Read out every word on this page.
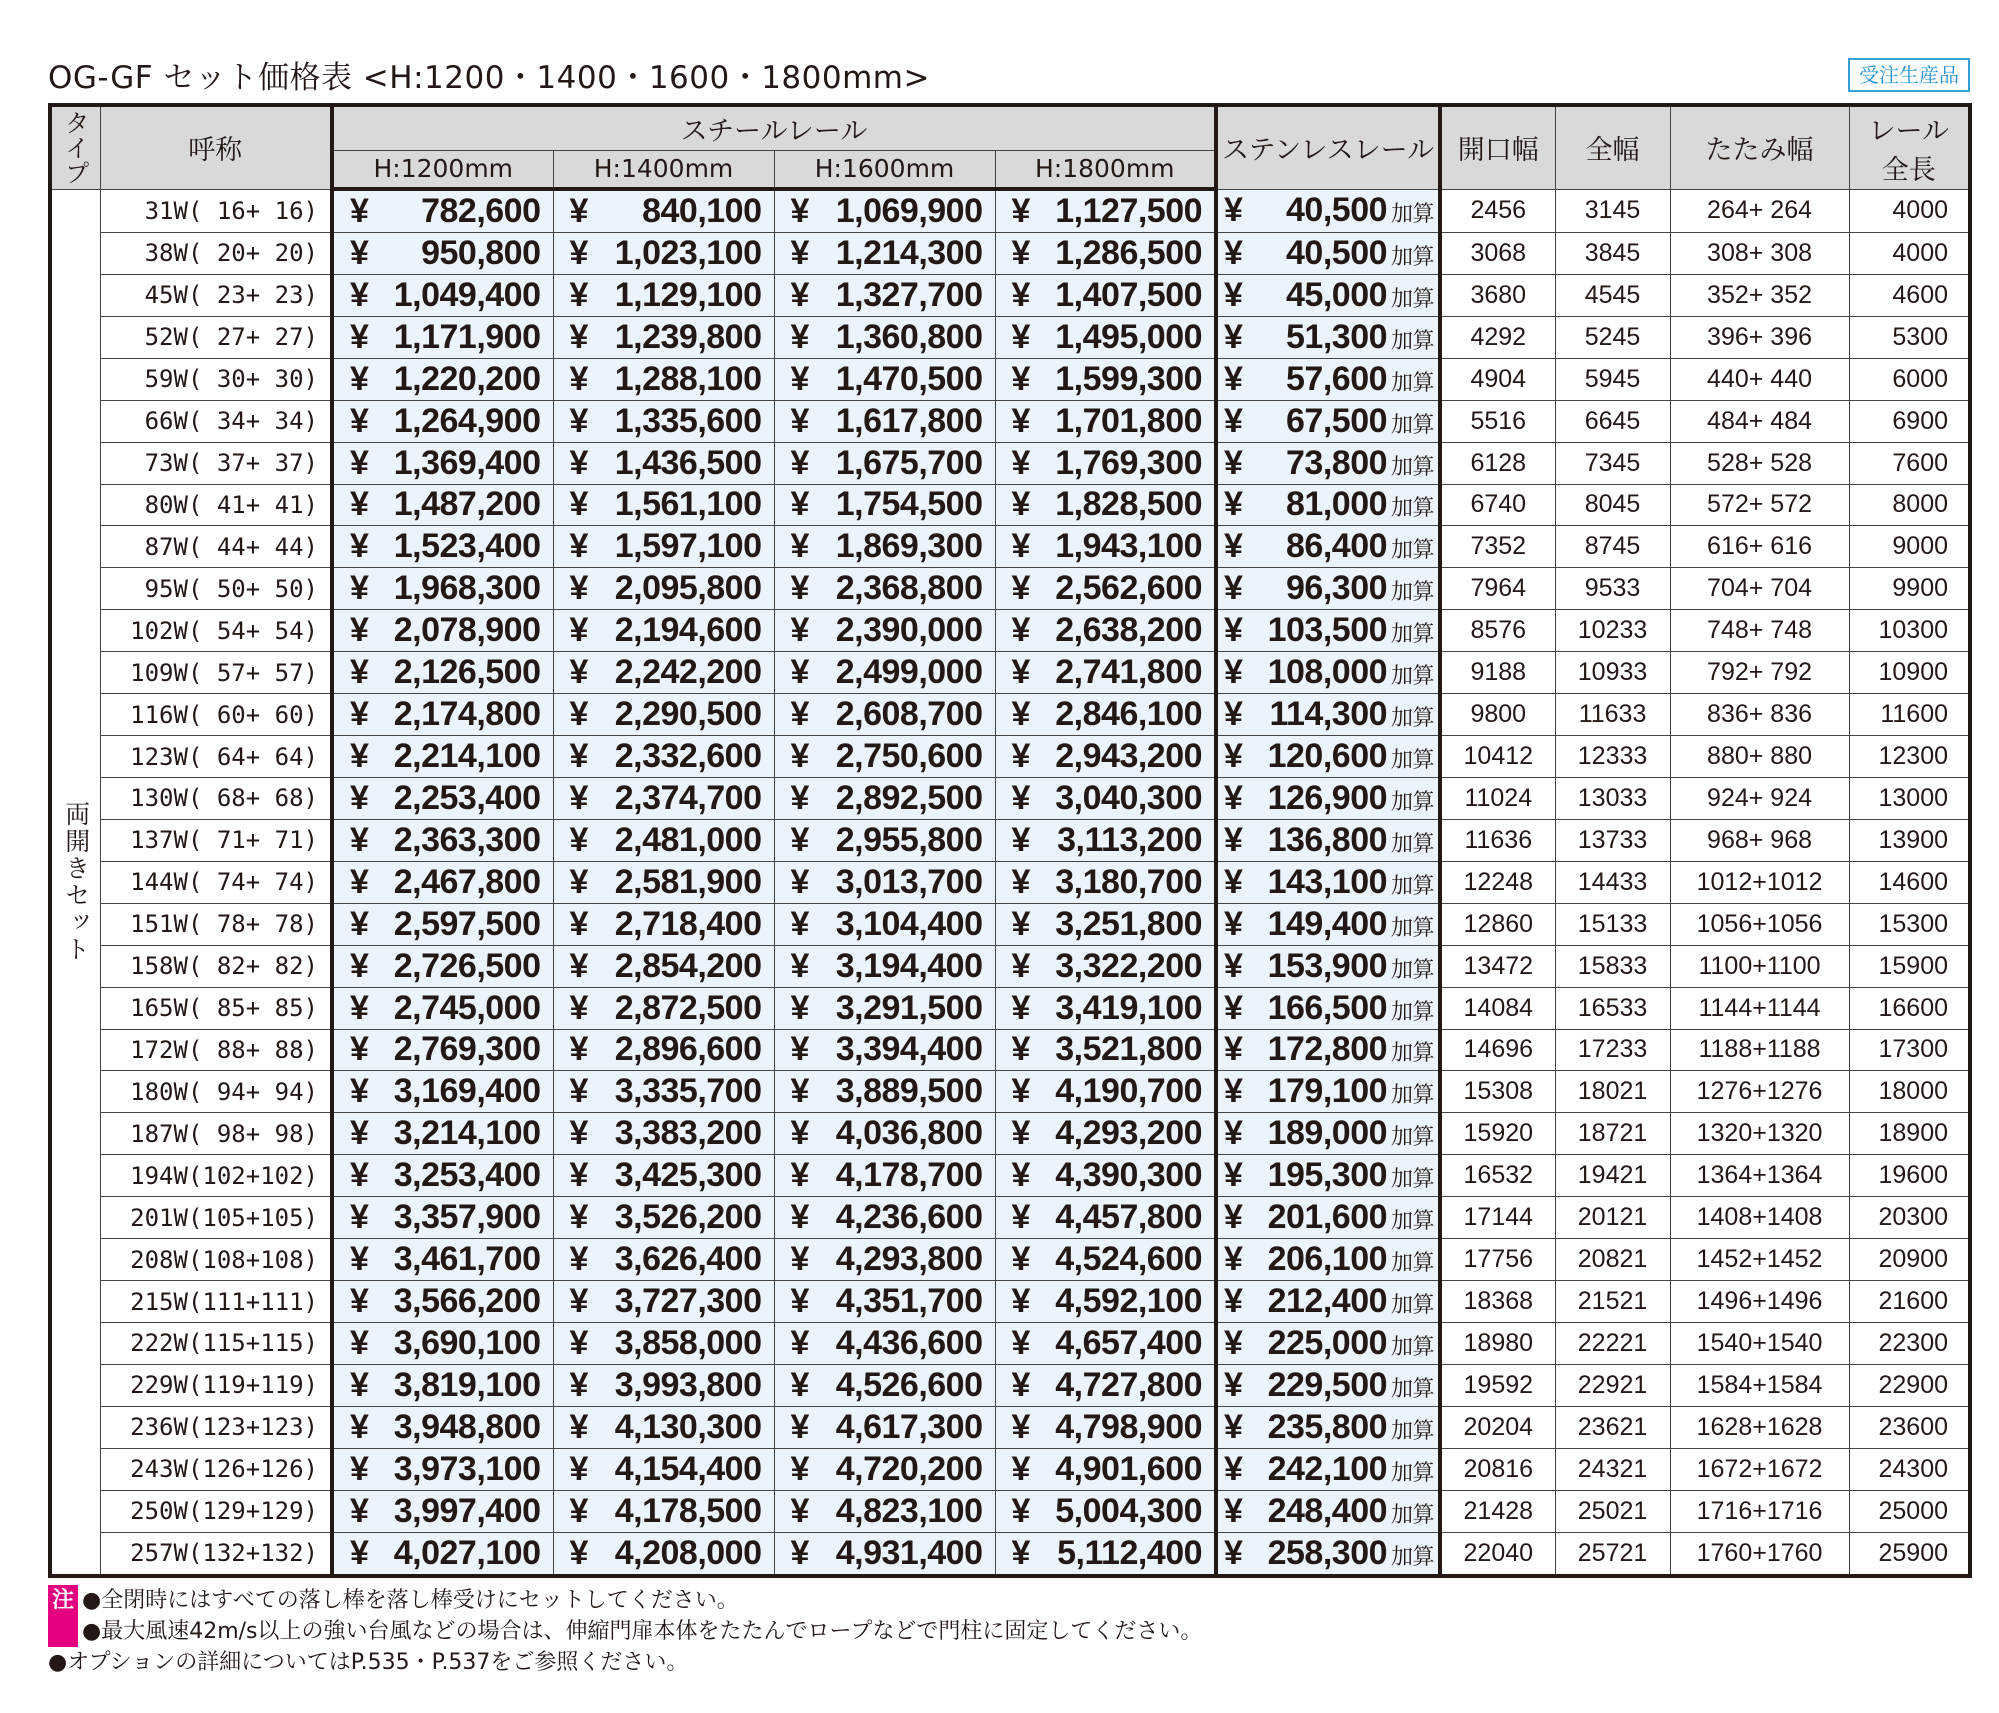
OG-GF セット価格表 <H:1200・1400・1600・1800mm>	受注生産品
タイプ	呼称	スチールレール				ステンレスレール	開口幅	全幅	たたみ幅	レール
全長

		H:1200mm	H:1400mm	H:1600mm	H:1800mm					

両開きセット	31W( 16+ 16)	¥ 782,600	¥ 840,100	¥ 1,069,900	¥ 1,127,500	¥ 40,500 加算	2456	3145	264+ 264	4000
	38W( 20+ 20)	¥ 950,800	¥ 1,023,100	¥ 1,214,300	¥ 1,286,500	¥ 40,500 加算	3068	3845	308+ 308	4000
	45W( 23+ 23)	¥ 1,049,400	¥ 1,129,100	¥ 1,327,700	¥ 1,407,500	¥ 45,000 加算	3680	4545	352+ 352	4600
	52W( 27+ 27)	¥ 1,171,900	¥ 1,239,800	¥ 1,360,800	¥ 1,495,000	¥ 51,300 加算	4292	5245	396+ 396	5300
	59W( 30+ 30)	¥ 1,220,200	¥ 1,288,100	¥ 1,470,500	¥ 1,599,300	¥ 57,600 加算	4904	5945	440+ 440	6000
	66W( 34+ 34)	¥ 1,264,900	¥ 1,335,600	¥ 1,617,800	¥ 1,701,800	¥ 67,500 加算	5516	6645	484+ 484	6900
	73W( 37+ 37)	¥ 1,369,400	¥ 1,436,500	¥ 1,675,700	¥ 1,769,300	¥ 73,800 加算	6128	7345	528+ 528	7600
	80W( 41+ 41)	¥ 1,487,200	¥ 1,561,100	¥ 1,754,500	¥ 1,828,500	¥ 81,000 加算	6740	8045	572+ 572	8000
	87W( 44+ 44)	¥ 1,523,400	¥ 1,597,100	¥ 1,869,300	¥ 1,943,100	¥ 86,400 加算	7352	8745	616+ 616	9000
	95W( 50+ 50)	¥ 1,968,300	¥ 2,095,800	¥ 2,368,800	¥ 2,562,600	¥ 96,300 加算	7964	9533	704+ 704	9900
	102W( 54+ 54)	¥ 2,078,900	¥ 2,194,600	¥ 2,390,000	¥ 2,638,200	¥ 103,500 加算	8576	10233	748+ 748	10300
	109W( 57+ 57)	¥ 2,126,500	¥ 2,242,200	¥ 2,499,000	¥ 2,741,800	¥ 108,000 加算	9188	10933	792+ 792	10900
	116W( 60+ 60)	¥ 2,174,800	¥ 2,290,500	¥ 2,608,700	¥ 2,846,100	¥ 114,300 加算	9800	11633	836+ 836	11600
	123W( 64+ 64)	¥ 2,214,100	¥ 2,332,600	¥ 2,750,600	¥ 2,943,200	¥ 120,600 加算	10412	12333	880+ 880	12300
	130W( 68+ 68)	¥ 2,253,400	¥ 2,374,700	¥ 2,892,500	¥ 3,040,300	¥ 126,900 加算	11024	13033	924+ 924	13000
	137W( 71+ 71)	¥ 2,363,300	¥ 2,481,000	¥ 2,955,800	¥ 3,113,200	¥ 136,800 加算	11636	13733	968+ 968	13900
	144W( 74+ 74)	¥ 2,467,800	¥ 2,581,900	¥ 3,013,700	¥ 3,180,700	¥ 143,100 加算	12248	14433	1012+1012	14600
	151W( 78+ 78)	¥ 2,597,500	¥ 2,718,400	¥ 3,104,400	¥ 3,251,800	¥ 149,400 加算	12860	15133	1056+1056	15300
	158W( 82+ 82)	¥ 2,726,500	¥ 2,854,200	¥ 3,194,400	¥ 3,322,200	¥ 153,900 加算	13472	15833	1100+1100	15900
	165W( 85+ 85)	¥ 2,745,000	¥ 2,872,500	¥ 3,291,500	¥ 3,419,100	¥ 166,500 加算	14084	16533	1144+1144	16600
	172W( 88+ 88)	¥ 2,769,300	¥ 2,896,600	¥ 3,394,400	¥ 3,521,800	¥ 172,800 加算	14696	17233	1188+1188	17300
	180W( 94+ 94)	¥ 3,169,400	¥ 3,335,700	¥ 3,889,500	¥ 4,190,700	¥ 179,100 加算	15308	18021	1276+1276	18000
	187W( 98+ 98)	¥ 3,214,100	¥ 3,383,200	¥ 4,036,800	¥ 4,293,200	¥ 189,000 加算	15920	18721	1320+1320	18900
	194W(102+102)	¥ 3,253,400	¥ 3,425,300	¥ 4,178,700	¥ 4,390,300	¥ 195,300 加算	16532	19421	1364+1364	19600
	201W(105+105)	¥ 3,357,900	¥ 3,526,200	¥ 4,236,600	¥ 4,457,800	¥ 201,600 加算	17144	20121	1408+1408	20300
	208W(108+108)	¥ 3,461,700	¥ 3,626,400	¥ 4,293,800	¥ 4,524,600	¥ 206,100 加算	17756	20821	1452+1452	20900
	215W(111+111)	¥ 3,566,200	¥ 3,727,300	¥ 4,351,700	¥ 4,592,100	¥ 212,400 加算	18368	21521	1496+1496	21600
	222W(115+115)	¥ 3,690,100	¥ 3,858,000	¥ 4,436,600	¥ 4,657,400	¥ 225,000 加算	18980	22221	1540+1540	22300
	229W(119+119)	¥ 3,819,100	¥ 3,993,800	¥ 4,526,600	¥ 4,727,800	¥ 229,500 加算	19592	22921	1584+1584	22900
	236W(123+123)	¥ 3,948,800	¥ 4,130,300	¥ 4,617,300	¥ 4,798,900	¥ 235,800 加算	20204	23621	1628+1628	23600
	243W(126+126)	¥ 3,973,100	¥ 4,154,400	¥ 4,720,200	¥ 4,901,600	¥ 242,100 加算	20816	24321	1672+1672	24300
	250W(129+129)	¥ 3,997,400	¥ 4,178,500	¥ 4,823,100	¥ 5,004,300	¥ 248,400 加算	21428	25021	1716+1716	25000
	257W(132+132)	¥ 4,027,100	¥ 4,208,000	¥ 4,931,400	¥ 5,112,400	¥ 258,300 加算	22040	25721	1760+1760	25900
注 ●全閉時にはすべての落し棒を落し棒受けにセットしてください。
●最大風速42m/s以上の強い台風などの場合は、伸縮門扉本体をたたんでロープなどで門柱に固定してください。
●オプションの詳細についてはP.535・P.537をご参照ください。
